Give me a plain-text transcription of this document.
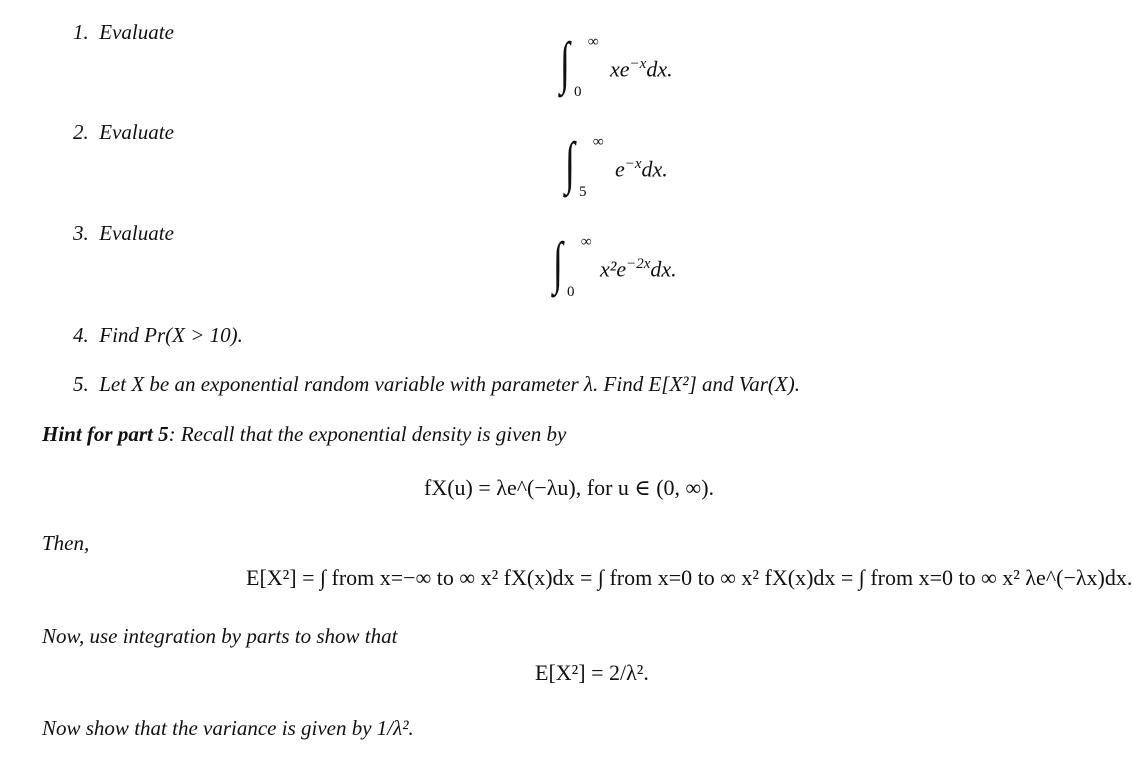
1. Evaluate	∫ ∞
0
$xe^{-x}dx$.
2. Evaluate	∫ ∞
5
$e^{-x}dx$.
3. Evaluate	∫ ∞
0
$x^2e^{-2x}dx$.
4. Find Pr(X > 10).
5. Let X be an exponential random variable with parameter λ. Find E[X²] and Var(X).
Hint for part 5: Recall that the exponential density is given by
fX(u) = λe^(−λu), for u ∈ (0, ∞).
Then,
E[X²] = ∫ from x=−∞ to ∞ x² fX(x)dx = ∫ from x=0 to ∞ x² fX(x)dx = ∫ from x=0 to ∞ x² λe^(−λx)dx.
Now, use integration by parts to show that
E[X²] = 2/λ².
Now show that the variance is given by 1/λ².
